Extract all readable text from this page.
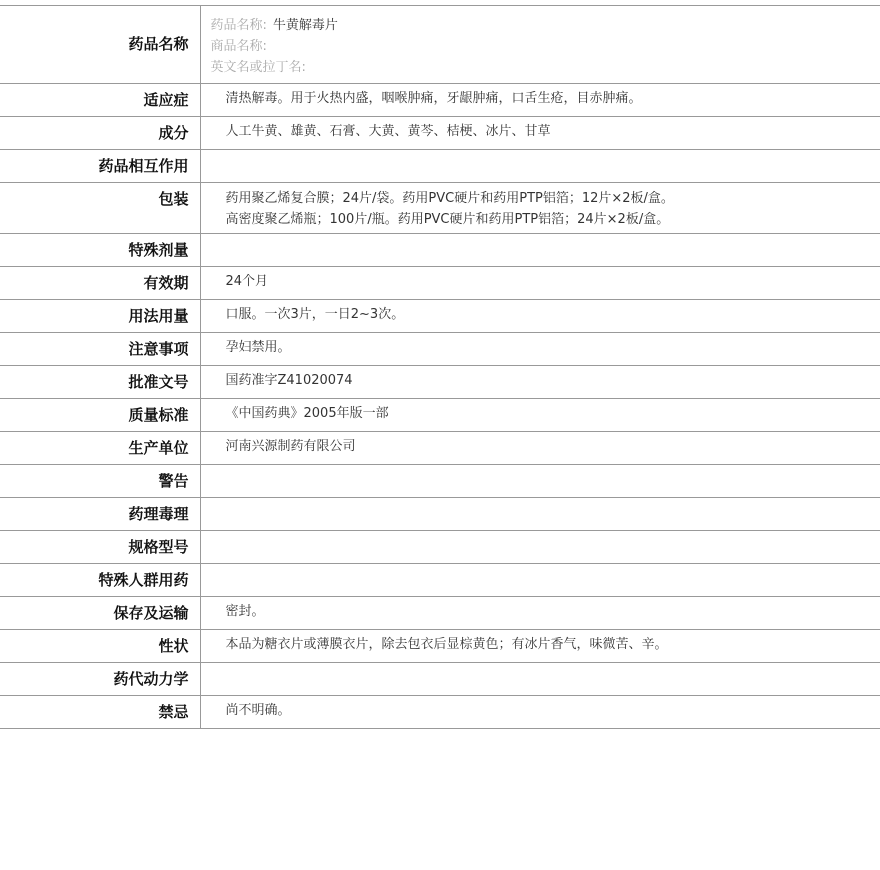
药品名称	药品名称: 牛黄解毒片
商品名称:
英文名或拉丁名:

适应症	清热解毒。用于火热内盛，咽喉肿痛，牙龈肿痛，口舌生疮，目赤肿痛。
成分	人工牛黄、雄黄、石膏、大黄、黄芩、桔梗、冰片、甘草
药品相互作用	
包装	药用聚乙烯复合膜；24片/袋。药用PVC硬片和药用PTP铝箔；12片×2板/盒。
高密度聚乙烯瓶；100片/瓶。药用PVC硬片和药用PTP铝箔；24片×2板/盒。

特殊剂量	
有效期	24个月
用法用量	口服。一次3片，一日2~3次。
注意事项	孕妇禁用。
批准文号	国药准字Z41020074
质量标准	《中国药典》2005年版一部
生产单位	河南兴源制药有限公司
警告	
药理毒理	
规格型号	
特殊人群用药	
保存及运输	密封。
性状	本品为糖衣片或薄膜衣片，除去包衣后显棕黄色；有冰片香气，味微苦、辛。
药代动力学	
禁忌	尚不明确。
